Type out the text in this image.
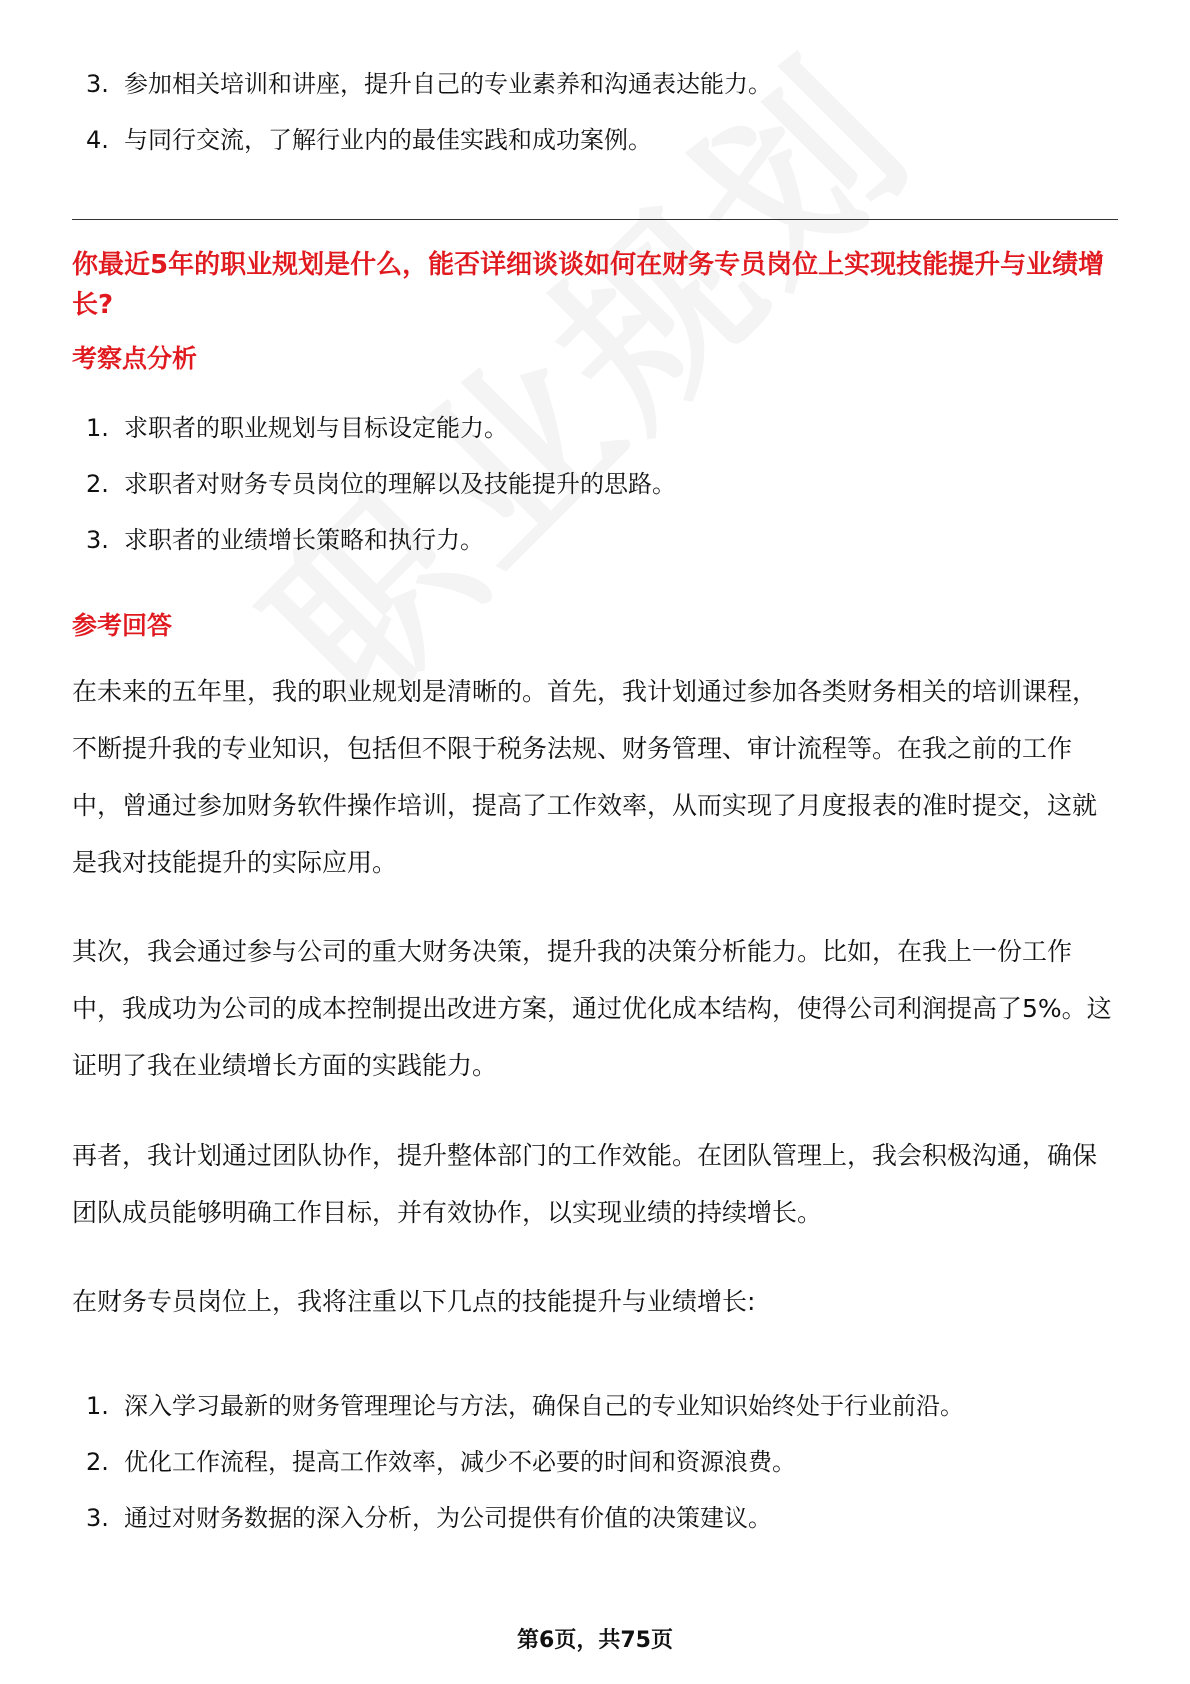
3. 参加相关培训和讲座，提升自己的专业素养和沟通表达能力。
4. 与同行交流，了解行业内的最佳实践和成功案例。
你最近5年的职业规划是什么，能否详细谈谈如何在财务专员岗位上实现技能提升与业绩增长?
考察点分析
1. 求职者的职业规划与目标设定能力。
2. 求职者对财务专员岗位的理解以及技能提升的思路。
3. 求职者的业绩增长策略和执行力。
参考回答

在未来的五年里，我的职业规划是清晰的。首先，我计划通过参加各类财务相关的培训课程，不断提升我的专业知识，包括但不限于税务法规、财务管理、审计流程等。在我之前的工作中，曾通过参加财务软件操作培训，提高了工作效率，从而实现了月度报表的准时提交，这就是我对技能提升的实际应用。

其次，我会通过参与公司的重大财务决策，提升我的决策分析能力。比如，在我上一份工作中，我成功为公司的成本控制提出改进方案，通过优化成本结构，使得公司利润提高了5%。这证明了我在业绩增长方面的实践能力。

再者，我计划通过团队协作，提升整体部门的工作效能。在团队管理上，我会积极沟通，确保团队成员能够明确工作目标，并有效协作，以实现业绩的持续增长。

在财务专员岗位上，我将注重以下几点的技能提升与业绩增长:

1. 深入学习最新的财务管理理论与方法，确保自己的专业知识始终处于行业前沿。
2. 优化工作流程，提高工作效率，减少不必要的时间和资源浪费。
3. 通过对财务数据的深入分析，为公司提供有价值的决策建议。
第6页，共75页
